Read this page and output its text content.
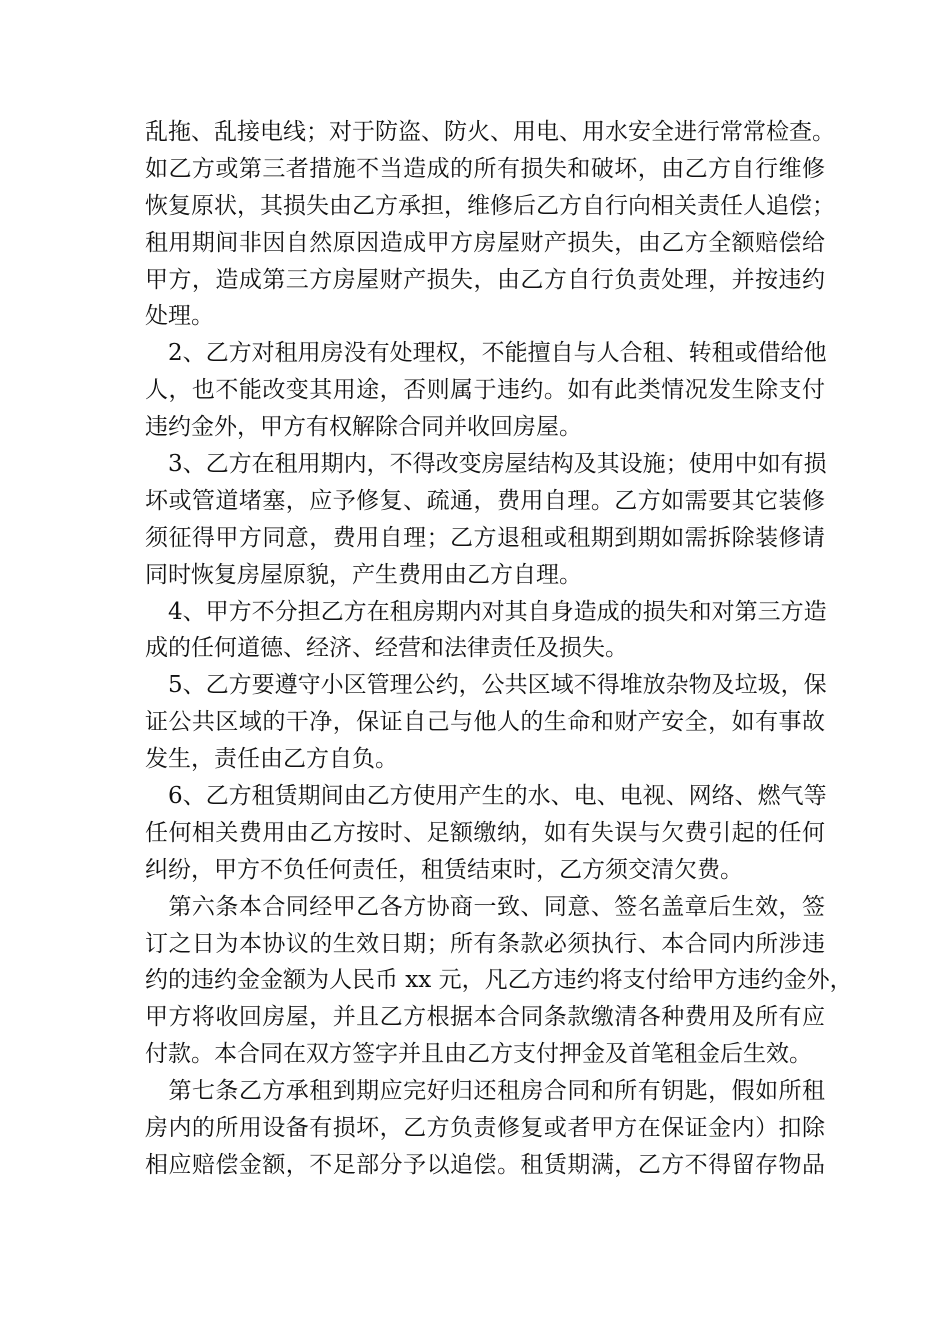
乱拖、乱接电线；对于防盗、防火、用电、用水安全进行常常检查。
如乙方或第三者措施不当造成的所有损失和破坏，由乙方自行维修
恢复原状，其损失由乙方承担，维修后乙方自行向相关责任人追偿；
租用期间非因自然原因造成甲方房屋财产损失，由乙方全额赔偿给
甲方，造成第三方房屋财产损失，由乙方自行负责处理，并按违约
处理。
　2、乙方对租用房没有处理权，不能擅自与人合租、转租或借给他
人，也不能改变其用途，否则属于违约。如有此类情况发生除支付
违约金外，甲方有权解除合同并收回房屋。
　3、乙方在租用期内，不得改变房屋结构及其设施；使用中如有损
坏或管道堵塞，应予修复、疏通，费用自理。乙方如需要其它装修
须征得甲方同意，费用自理；乙方退租或租期到期如需拆除装修请
同时恢复房屋原貌，产生费用由乙方自理。
　4、甲方不分担乙方在租房期内对其自身造成的损失和对第三方造
成的任何道德、经济、经营和法律责任及损失。
　5、乙方要遵守小区管理公约，公共区域不得堆放杂物及垃圾，保
证公共区域的干净，保证自己与他人的生命和财产安全，如有事故
发生，责任由乙方自负。
　6、乙方租赁期间由乙方使用产生的水、电、电视、网络、燃气等
任何相关费用由乙方按时、足额缴纳，如有失误与欠费引起的任何
纠纷，甲方不负任何责任，租赁结束时，乙方须交清欠费。
　第六条本合同经甲乙各方协商一致、同意、签名盖章后生效，签
订之日为本协议的生效日期；所有条款必须执行、本合同内所涉违
约的违约金金额为人民币 xx 元，凡乙方违约将支付给甲方违约金外，
甲方将收回房屋，并且乙方根据本合同条款缴清各种费用及所有应
付款。本合同在双方签字并且由乙方支付押金及首笔租金后生效。
　第七条乙方承租到期应完好归还租房合同和所有钥匙，假如所租
房内的所用设备有损坏，乙方负责修复或者甲方在保证金内）扣除
相应赔偿金额，不足部分予以追偿。租赁期满，乙方不得留存物品
